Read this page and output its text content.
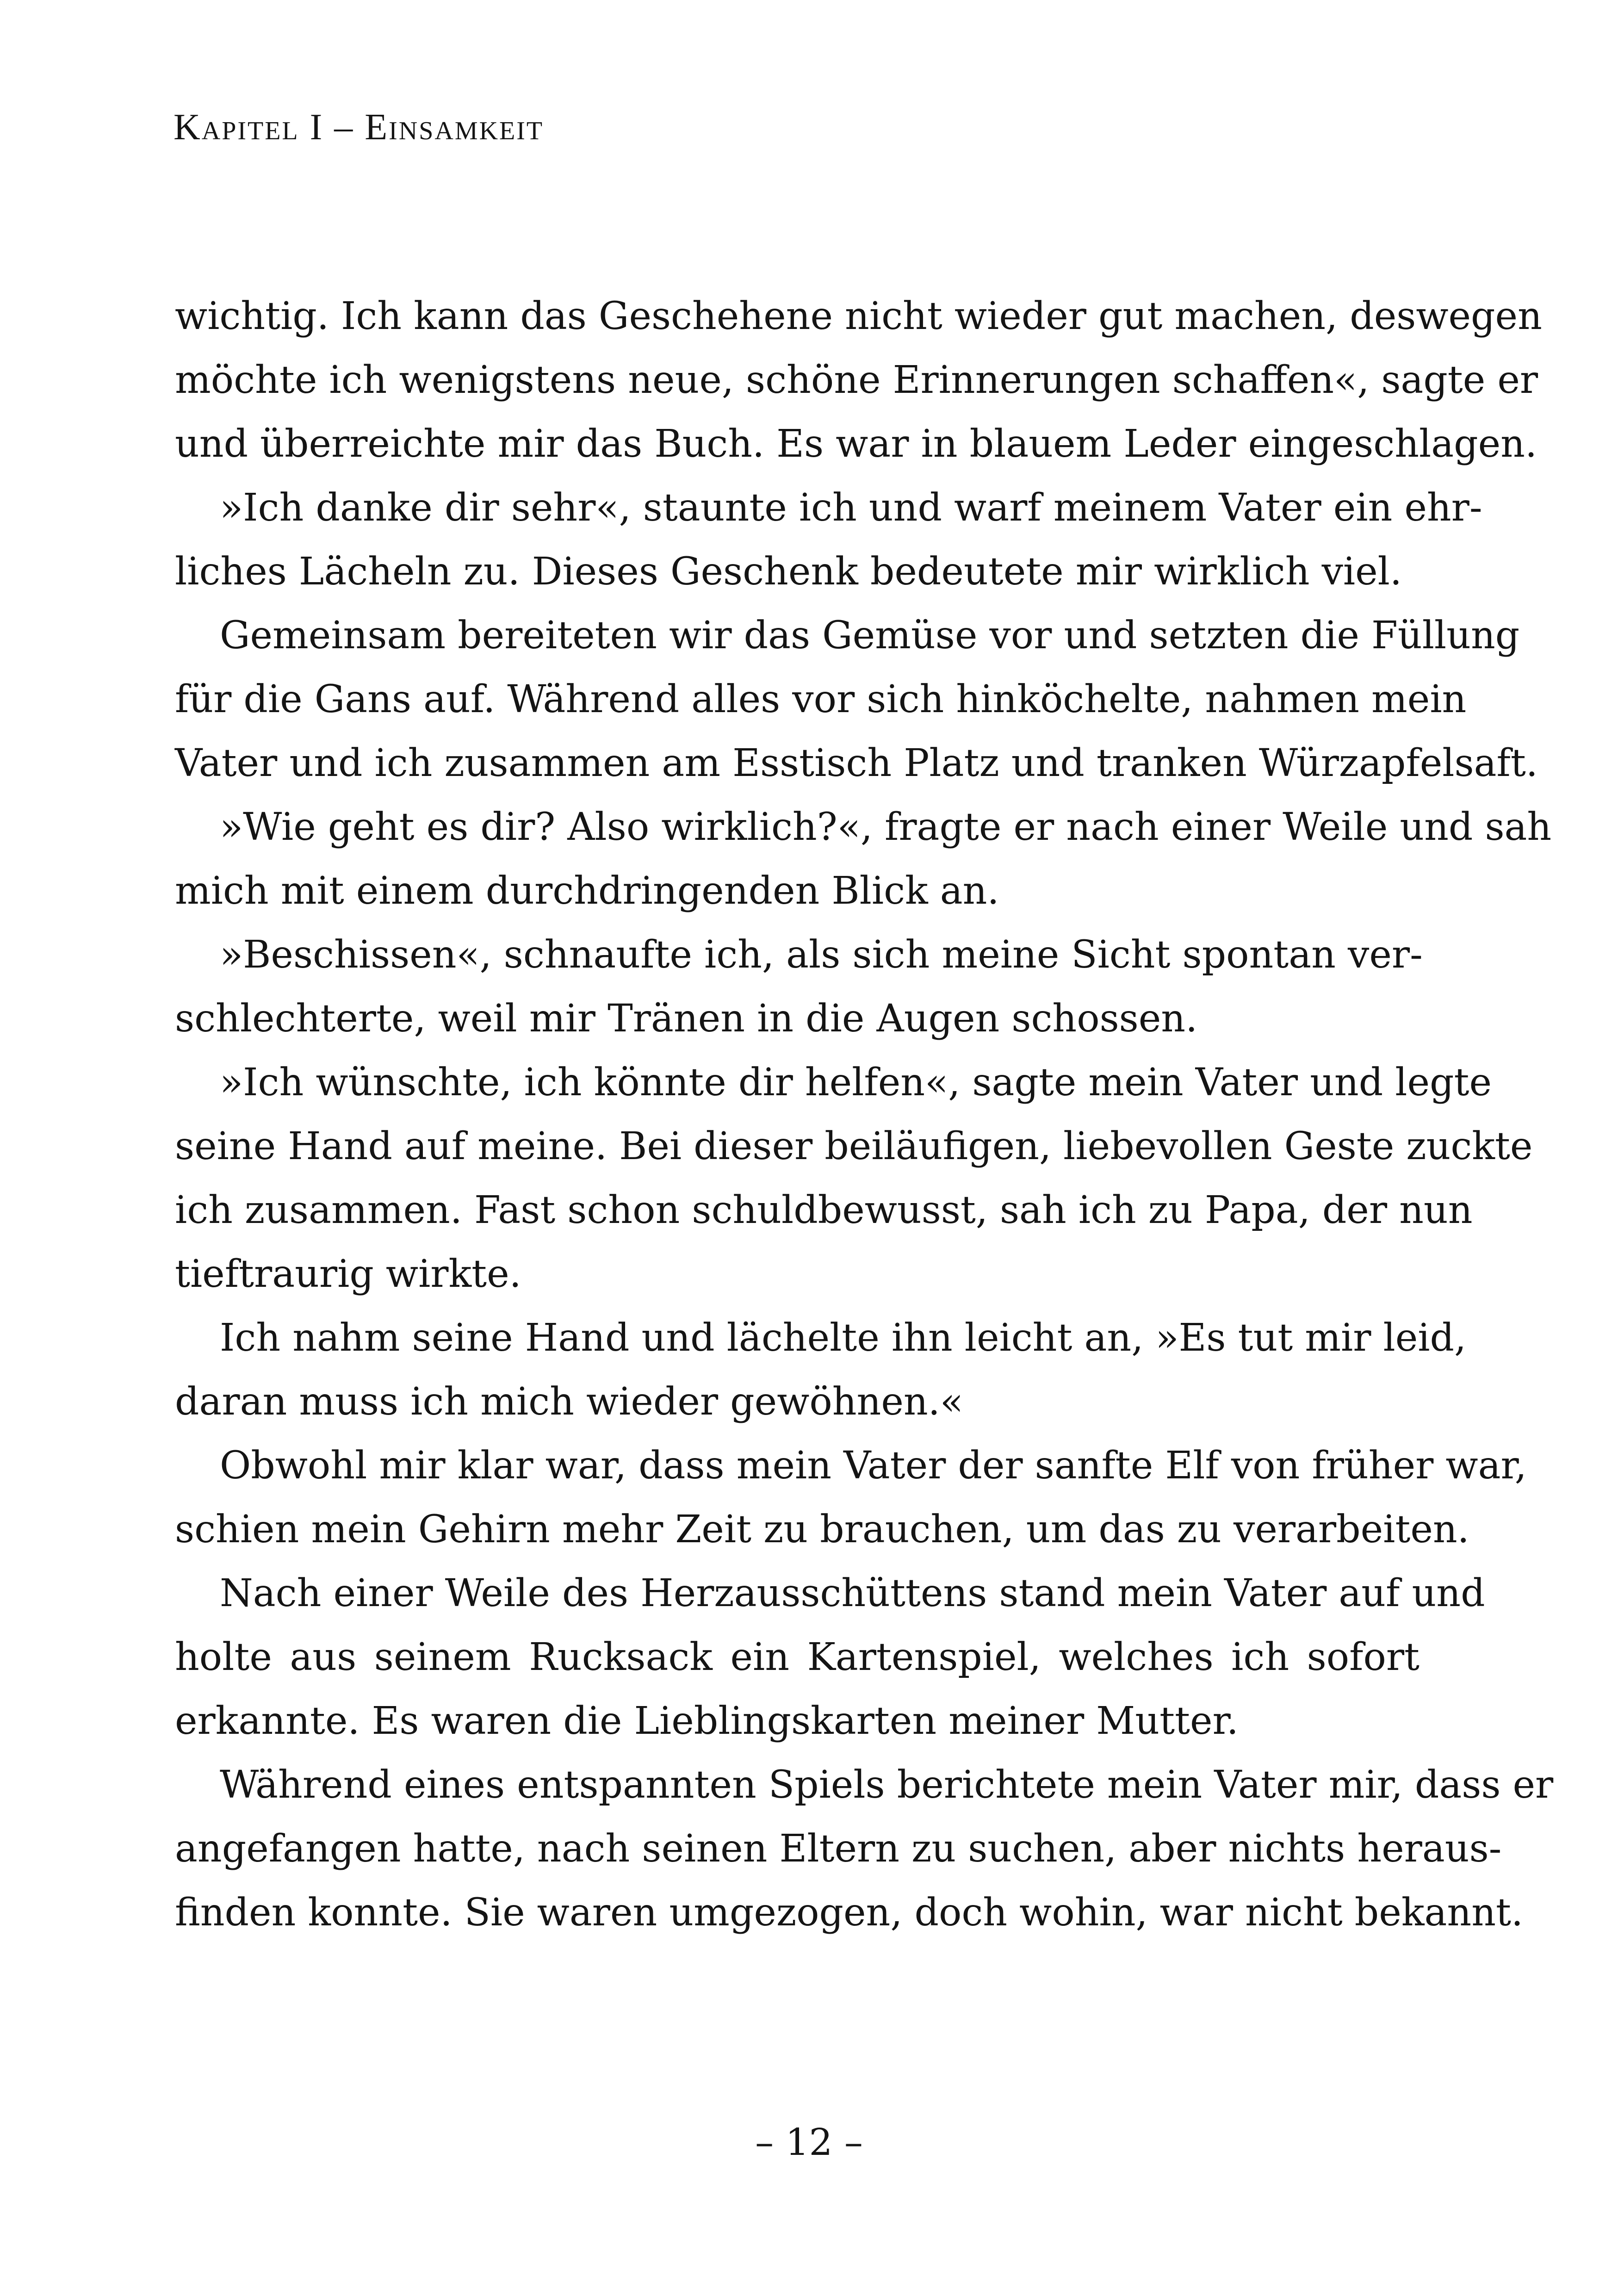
Kapitel I – Einsamkeit
wichtig. Ich kann das Geschehene nicht wieder gut machen, deswegen
möchte ich wenigstens neue, schöne Erinnerungen schaffen«, sagte er
und überreichte mir das Buch. Es war in blauem Leder eingeschlagen.
»Ich danke dir sehr«, staunte ich und warf meinem Vater ein ehr-
liches Lächeln zu. Dieses Geschenk bedeutete mir wirklich viel.
Gemeinsam bereiteten wir das Gemüse vor und setzten die Füllung
für die Gans auf. Während alles vor sich hinköchelte, nahmen mein
Vater und ich zusammen am Esstisch Platz und tranken Würzapfelsaft.
»Wie geht es dir? Also wirklich?«, fragte er nach einer Weile und sah
mich mit einem durchdringenden Blick an.
»Beschissen«, schnaufte ich, als sich meine Sicht spontan ver-
schlechterte, weil mir Tränen in die Augen schossen.
»Ich wünschte, ich könnte dir helfen«, sagte mein Vater und legte
seine Hand auf meine. Bei dieser beiläufigen, liebevollen Geste zuckte
ich zusammen. Fast schon schuldbewusst, sah ich zu Papa, der nun
tieftraurig wirkte.
Ich nahm seine Hand und lächelte ihn leicht an, »Es tut mir leid,
daran muss ich mich wieder gewöhnen.«
Obwohl mir klar war, dass mein Vater der sanfte Elf von früher war,
schien mein Gehirn mehr Zeit zu brauchen, um das zu verarbeiten.
Nach einer Weile des Herzausschüttens stand mein Vater auf und
holte aus seinem Rucksack ein Kartenspiel, welches ich sofort
erkannte. Es waren die Lieblingskarten meiner Mutter.
Während eines entspannten Spiels berichtete mein Vater mir, dass er
angefangen hatte, nach seinen Eltern zu suchen, aber nichts heraus-
finden konnte. Sie waren umgezogen, doch wohin, war nicht bekannt.
– 12 –
